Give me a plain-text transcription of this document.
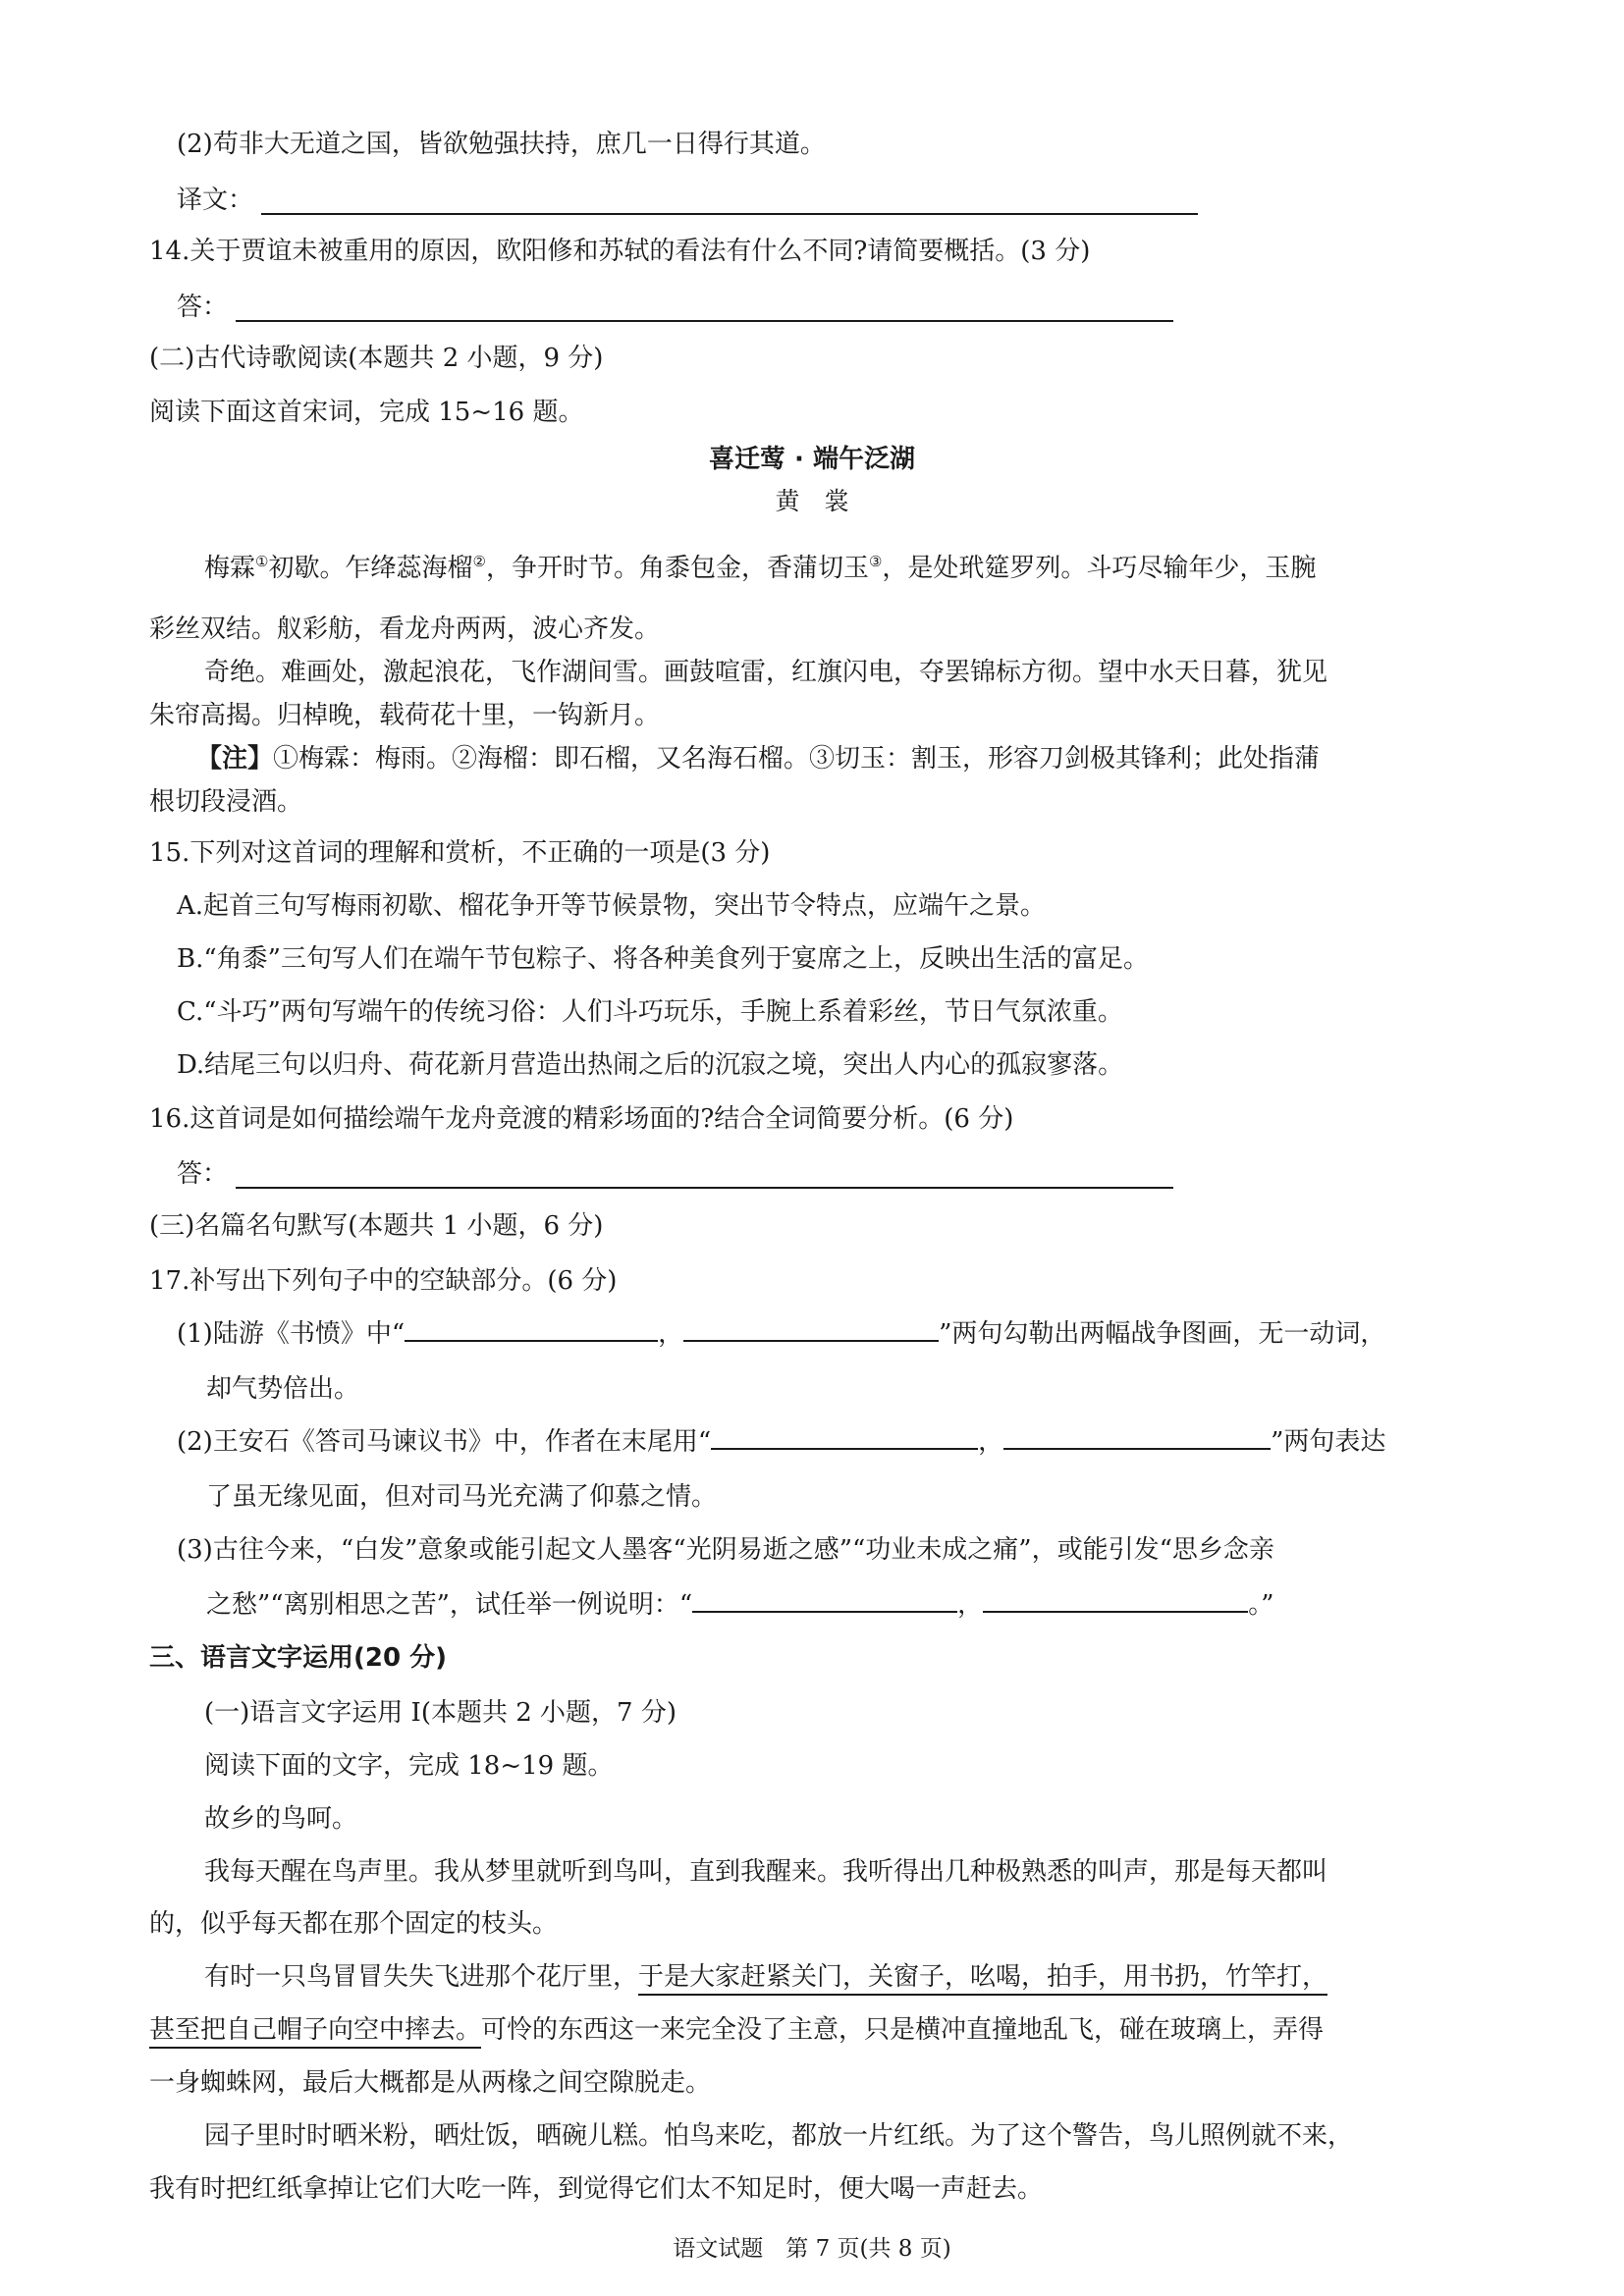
(2)苟非大无道之国，皆欲勉强扶持，庶几一日得行其道。
译文：
14.关于贾谊未被重用的原因，欧阳修和苏轼的看法有什么不同?请简要概括。(3 分)
答：
(二)古代诗歌阅读(本题共 2 小题，9 分)
阅读下面这首宋词，完成 15~16 题。
喜迁莺 · 端午泛湖
黄　裳
梅霖①初歇。乍绛蕊海榴②，争开时节。角黍包金，香蒲切玉③，是处玳筵罗列。斗巧尽输年少，玉腕
彩丝双结。舣彩舫，看龙舟两两，波心齐发。
奇绝。难画处，激起浪花，飞作湖间雪。画鼓喧雷，红旗闪电，夺罢锦标方彻。望中水天日暮，犹见
朱帘高揭。归棹晚，载荷花十里，一钩新月。
【注】①梅霖：梅雨。②海榴：即石榴，又名海石榴。③切玉：割玉，形容刀剑极其锋利；此处指蒲
根切段浸酒。
15.下列对这首词的理解和赏析，不正确的一项是(3 分)
A.起首三句写梅雨初歇、榴花争开等节候景物，突出节令特点，应端午之景。
B.“角黍”三句写人们在端午节包粽子、将各种美食列于宴席之上，反映出生活的富足。
C.“斗巧”两句写端午的传统习俗：人们斗巧玩乐，手腕上系着彩丝，节日气氛浓重。
D.结尾三句以归舟、荷花新月营造出热闹之后的沉寂之境，突出人内心的孤寂寥落。
16.这首词是如何描绘端午龙舟竞渡的精彩场面的?结合全词简要分析。(6 分)
答：
(三)名篇名句默写(本题共 1 小题，6 分)
17.补写出下列句子中的空缺部分。(6 分)
(1)陆游《书愤》中“	，	”两句勾勒出两幅战争图画，无一动词，
却气势倍出。
(2)王安石《答司马谏议书》中，作者在末尾用“	，	”两句表达
了虽无缘见面，但对司马光充满了仰慕之情。
(3)古往今来，“白发”意象或能引起文人墨客“光阴易逝之感”“功业未成之痛”，或能引发“思乡念亲
之愁”“离别相思之苦”，试任举一例说明：“	，	。”
三、语言文字运用(20 分)
(一)语言文字运用 I(本题共 2 小题，7 分)
阅读下面的文字，完成 18~19 题。
故乡的鸟呵。
我每天醒在鸟声里。我从梦里就听到鸟叫，直到我醒来。我听得出几种极熟悉的叫声，那是每天都叫
的，似乎每天都在那个固定的枝头。
有时一只鸟冒冒失失飞进那个花厅里，于是大家赶紧关门，关窗子，吆喝，拍手，用书扔，竹竿打，
甚至把自己帽子向空中摔去。可怜的东西这一来完全没了主意，只是横冲直撞地乱飞，碰在玻璃上，弄得
一身蜘蛛网，最后大概都是从两椽之间空隙脱走。
园子里时时晒米粉，晒灶饭，晒碗儿糕。怕鸟来吃，都放一片红纸。为了这个警告，鸟儿照例就不来，
我有时把红纸拿掉让它们大吃一阵，到觉得它们太不知足时，便大喝一声赶去。
语文试题　第 7 页(共 8 页)
